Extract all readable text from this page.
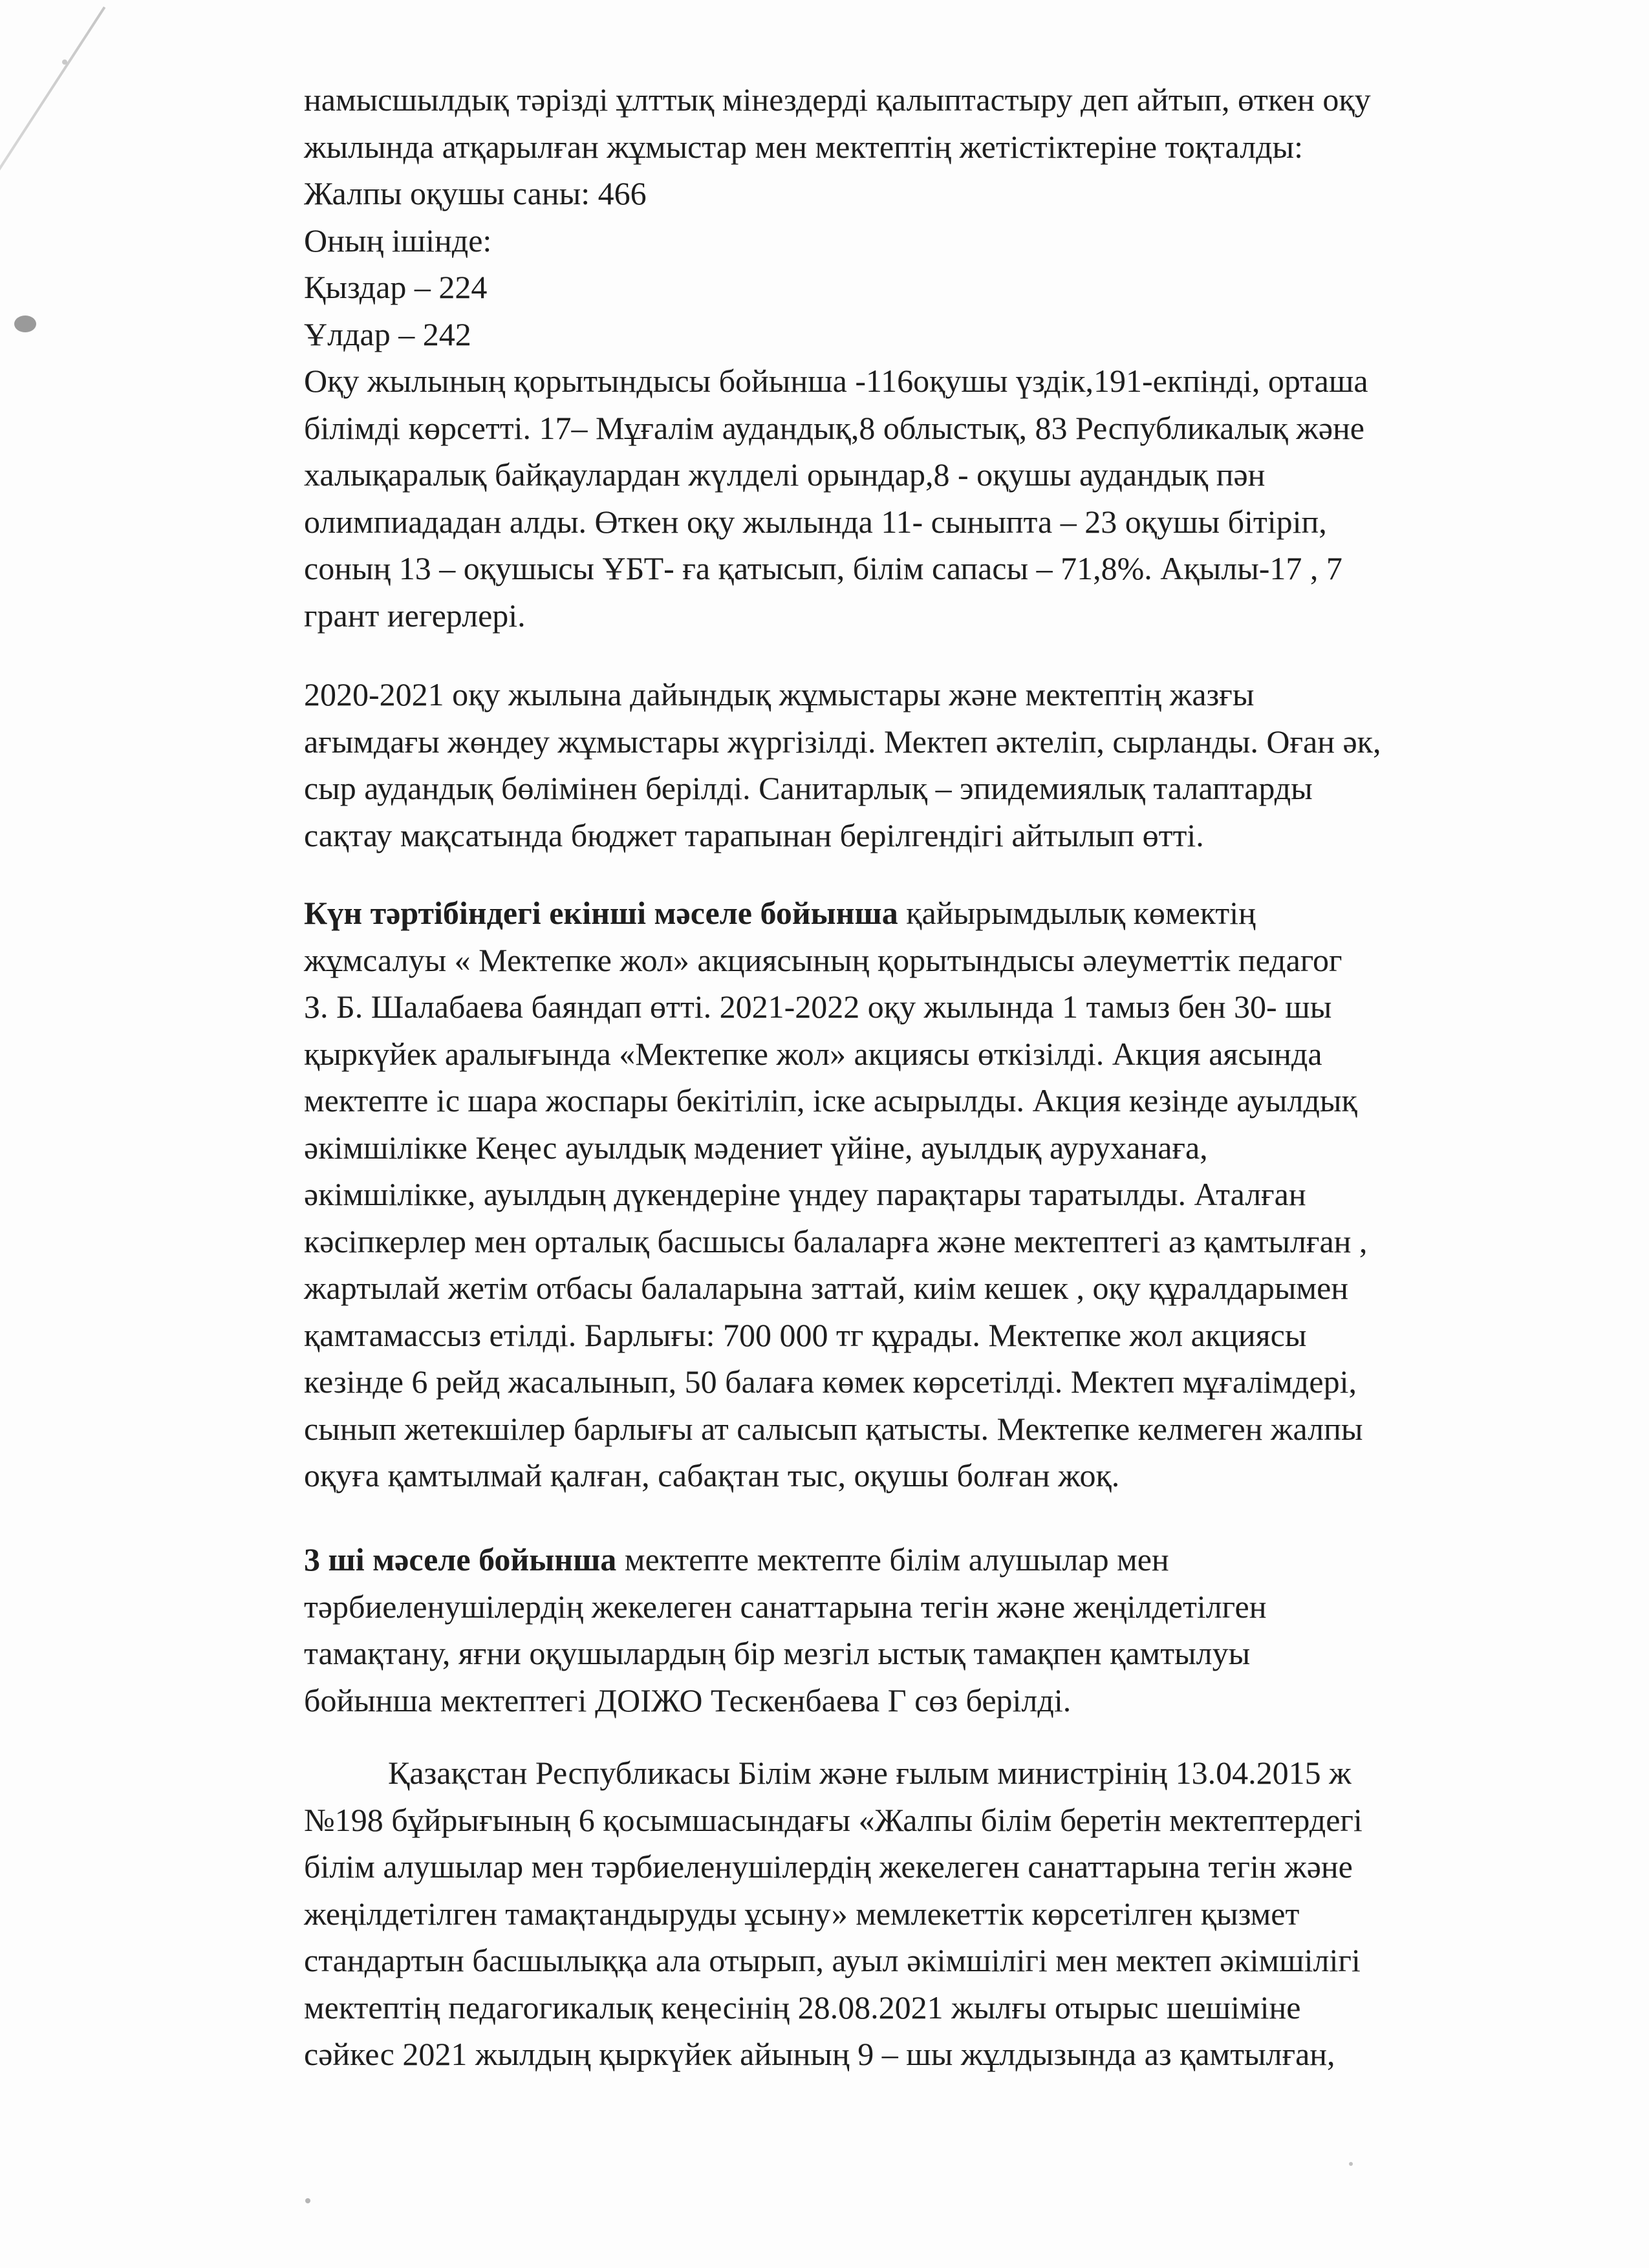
намысшылдық тәрізді ұлттық мінездерді қалыптастыру деп айтып, өткен оқу
жылында атқарылған жұмыстар мен мектептің жетістіктеріне тоқталды:
Жалпы оқушы саны: 466
Оның ішінде:
Қыздар – 224
Ұлдар – 242
Оқу жылының қорытындысы бойынша -116оқушы үздік,191-екпінді, орташа
білімді көрсетті. 17– Мұғалім аудандық,8 облыстық, 83 Республикалық және
халықаралық байқаулардан жүлделі орындар,8 - оқушы аудандық пән
олимпиададан алды. Өткен оқу жылында 11- сыныпта – 23 оқушы бітіріп,
соның 13 – оқушысы ҰБТ- ға қатысып, білім сапасы – 71,8%. Ақылы-17 , 7
грант иегерлері.
2020-2021 оқу жылына дайындық жұмыстары және мектептің жазғы
ағымдағы жөндеу жұмыстары жүргізілді. Мектеп әктеліп, сырланды. Оған әк,
сыр аудандық бөлімінен берілді. Санитарлық – эпидемиялық талаптарды
сақтау мақсатында бюджет тарапынан берілгендігі айтылып өтті.
Күн тәртібіндегі екінші мәселе бойынша қайырымдылық көмектің
жұмсалуы « Мектепке жол» акциясының қорытындысы әлеуметтік педагог
З. Б. Шалабаева баяндап өтті. 2021-2022 оқу жылында 1 тамыз бен 30- шы
қыркүйек аралығында «Мектепке жол» акциясы өткізілді. Акция аясында
мектепте іс шара жоспары бекітіліп, іске асырылды. Акция кезінде ауылдық
әкімшілікке Кеңес ауылдық мәдениет үйіне, ауылдық ауруханаға,
әкімшілікке, ауылдың дүкендеріне үндеу парақтары таратылды. Аталған
кәсіпкерлер мен орталық басшысы балаларға және мектептегі аз қамтылған ,
жартылай жетім отбасы балаларына заттай, киім кешек , оқу құралдарымен
қамтамассыз етілді. Барлығы: 700 000 тг құрады. Мектепке жол акциясы
кезінде 6 рейд жасалынып, 50 балаға көмек көрсетілді. Мектеп мұғалімдері,
сынып жетекшілер барлығы ат салысып қатысты. Мектепке келмеген жалпы
оқуға қамтылмай қалған, сабақтан тыс, оқушы болған жоқ.
3 ші мәселе бойынша мектепте мектепте білім алушылар мен
тәрбиеленушілердің жекелеген санаттарына тегін және жеңілдетілген
тамақтану, яғни оқушылардың бір мезгіл ыстық тамақпен қамтылуы
бойынша мектептегі ДОІЖО Тескенбаева Г сөз берілді.
Қазақстан Республикасы Білім және ғылым министрінің 13.04.2015 ж
№198 бұйрығының 6 қосымшасындағы «Жалпы білім беретін мектептердегі
білім алушылар мен тәрбиеленушілердің жекелеген санаттарына тегін және
жеңілдетілген тамақтандыруды ұсыну» мемлекеттік көрсетілген қызмет
стандартын басшылыққа ала отырып, ауыл әкімшілігі мен мектеп әкімшілігі
мектептің педагогикалық кеңесінің 28.08.2021 жылғы отырыс шешіміне
сәйкес 2021 жылдың қыркүйек айының 9 – шы жұлдызында аз қамтылған,
